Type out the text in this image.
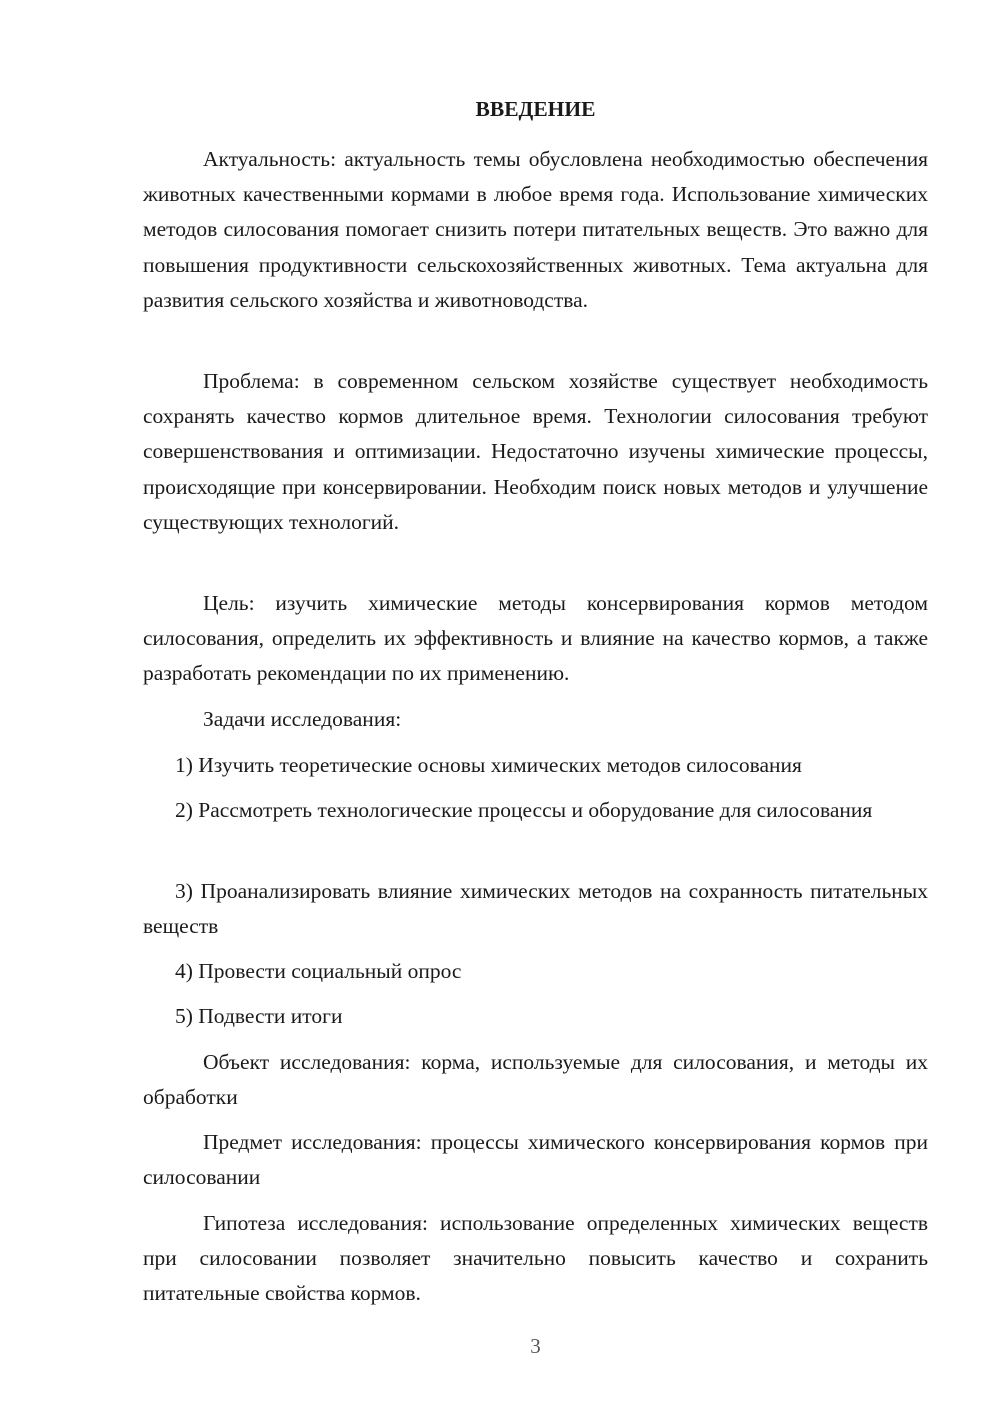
ВВЕДЕНИЕ

Актуальность: актуальность темы обусловлена необходимостью обеспечения животных качественными кормами в любое время года. Использование химических методов силосования помогает снизить потери питательных веществ. Это важно для повышения продуктивности сельскохозяйственных животных. Тема актуальна для развития сельского хозяйства и животноводства.

Проблема: в современном сельском хозяйстве существует необходимость сохранять качество кормов длительное время. Технологии силосования требуют совершенствования и оптимизации. Недостаточно изучены химические процессы, происходящие при консервировании. Необходим поиск новых методов и улучшение существующих технологий.

Цель: изучить химические методы консервирования кормов методом силосования, определить их эффективность и влияние на качество кормов, а также разработать рекомендации по их применению.

Задачи исследования:

1) Изучить теоретические основы химических методов силосования

2) Рассмотреть технологические процессы и оборудование для силосования

3) Проанализировать влияние химических методов на сохранность питательных веществ

4) Провести социальный опрос

5) Подвести итоги

Объект исследования: корма, используемые для силосования, и методы их обработки

Предмет исследования: процессы химического консервирования кормов при силосовании

Гипотеза исследования: использование определенных химических веществ при силосовании позволяет значительно повысить качество и сохранить питательные свойства кормов.

3
